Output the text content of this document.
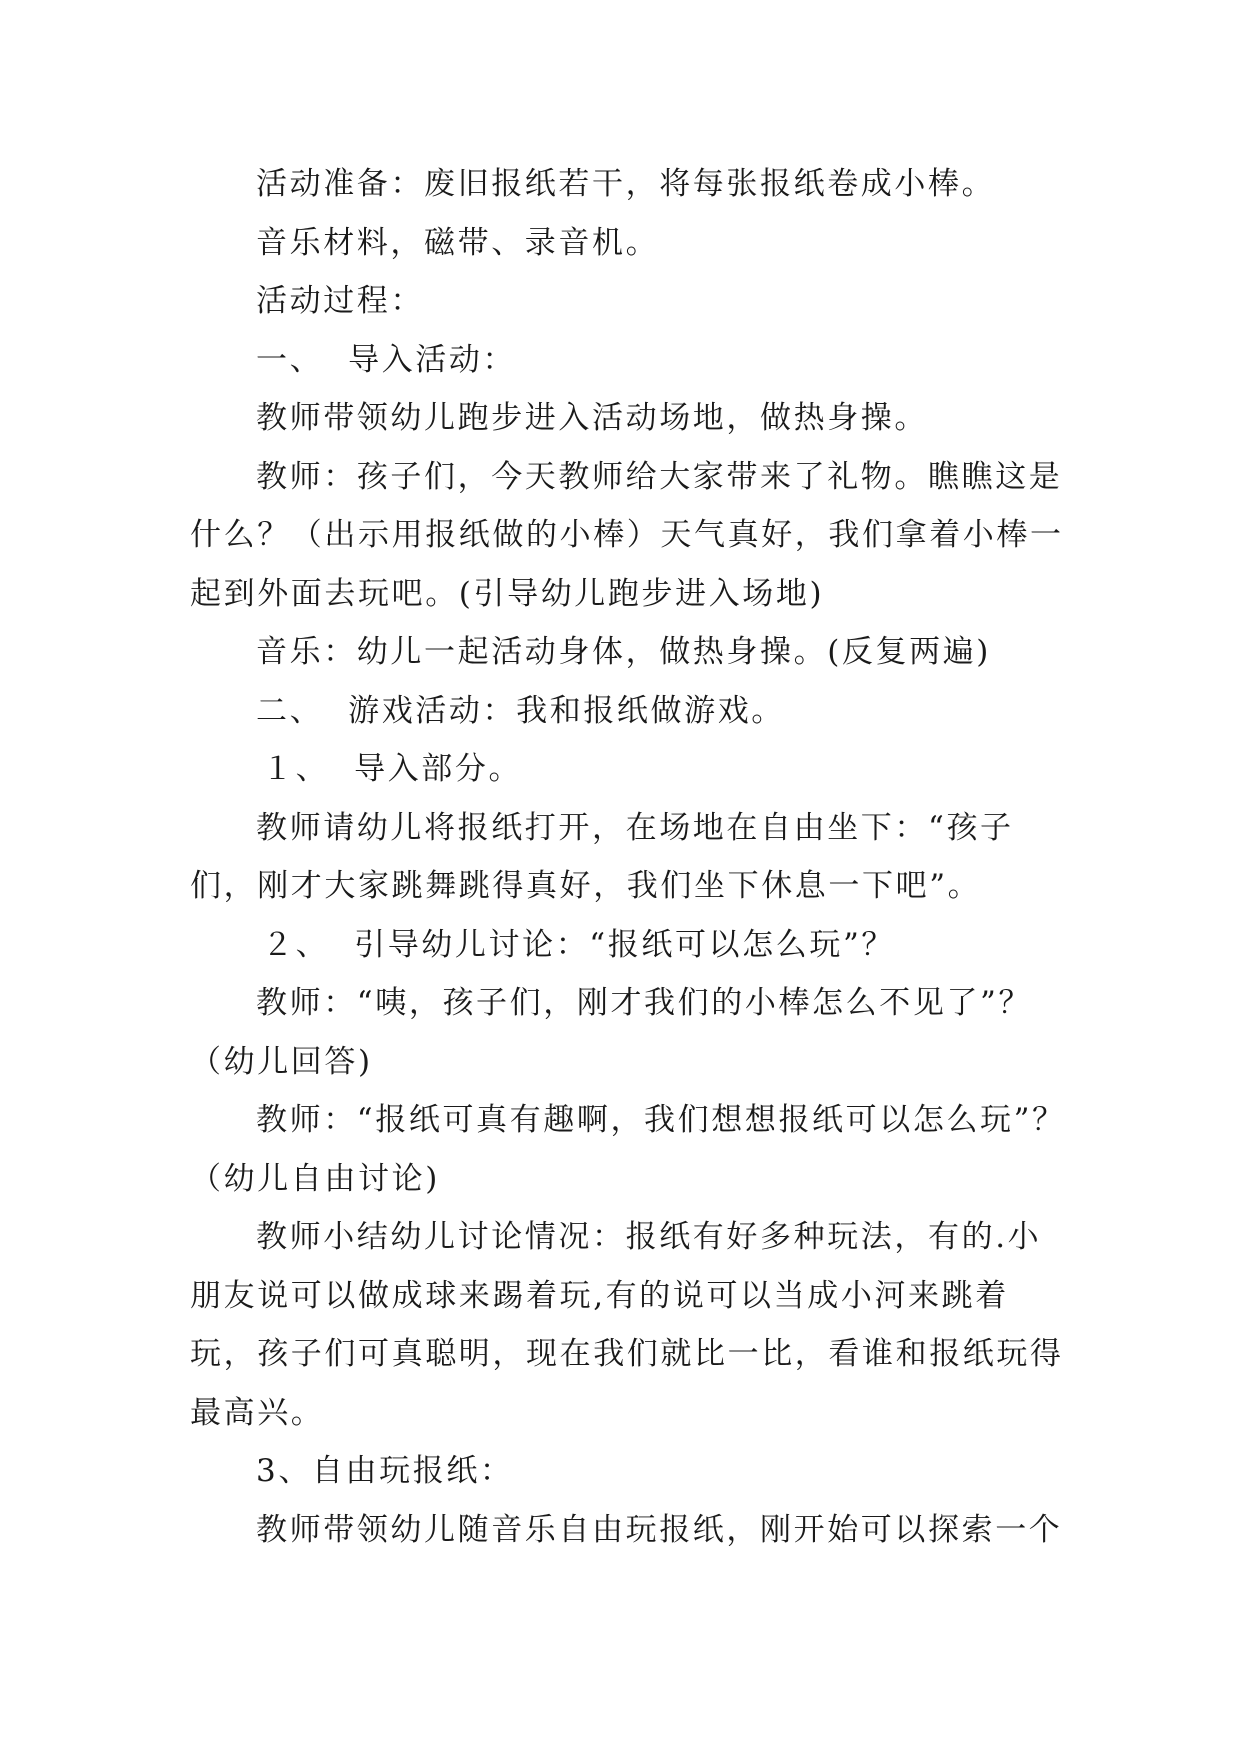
活动准备：废旧报纸若干，将每张报纸卷成小棒。

音乐材料，磁带、录音机。

活动过程：

一、  导入活动：

教师带领幼儿跑步进入活动场地，做热身操。

教师：孩子们，今天教师给大家带来了礼物。瞧瞧这是什么？（出示用报纸做的小棒）天气真好，我们拿着小棒一起到外面去玩吧。(引导幼儿跑步进入场地)

音乐：幼儿一起活动身体，做热身操。(反复两遍)

二、  游戏活动：我和报纸做游戏。

１、  导入部分。

教师请幼儿将报纸打开，在场地在自由坐下：“孩子们，刚才大家跳舞跳得真好，我们坐下休息一下吧”。

２、  引导幼儿讨论：“报纸可以怎么玩”？

教师：“咦，孩子们，刚才我们的小棒怎么不见了”？（幼儿回答)

教师：“报纸可真有趣啊，我们想想报纸可以怎么玩”？（幼儿自由讨论)

教师小结幼儿讨论情况：报纸有好多种玩法，有的.小朋友说可以做成球来踢着玩,有的说可以当成小河来跳着玩，孩子们可真聪明，现在我们就比一比，看谁和报纸玩得最高兴。

3、自由玩报纸：

教师带领幼儿随音乐自由玩报纸，刚开始可以探索一个
